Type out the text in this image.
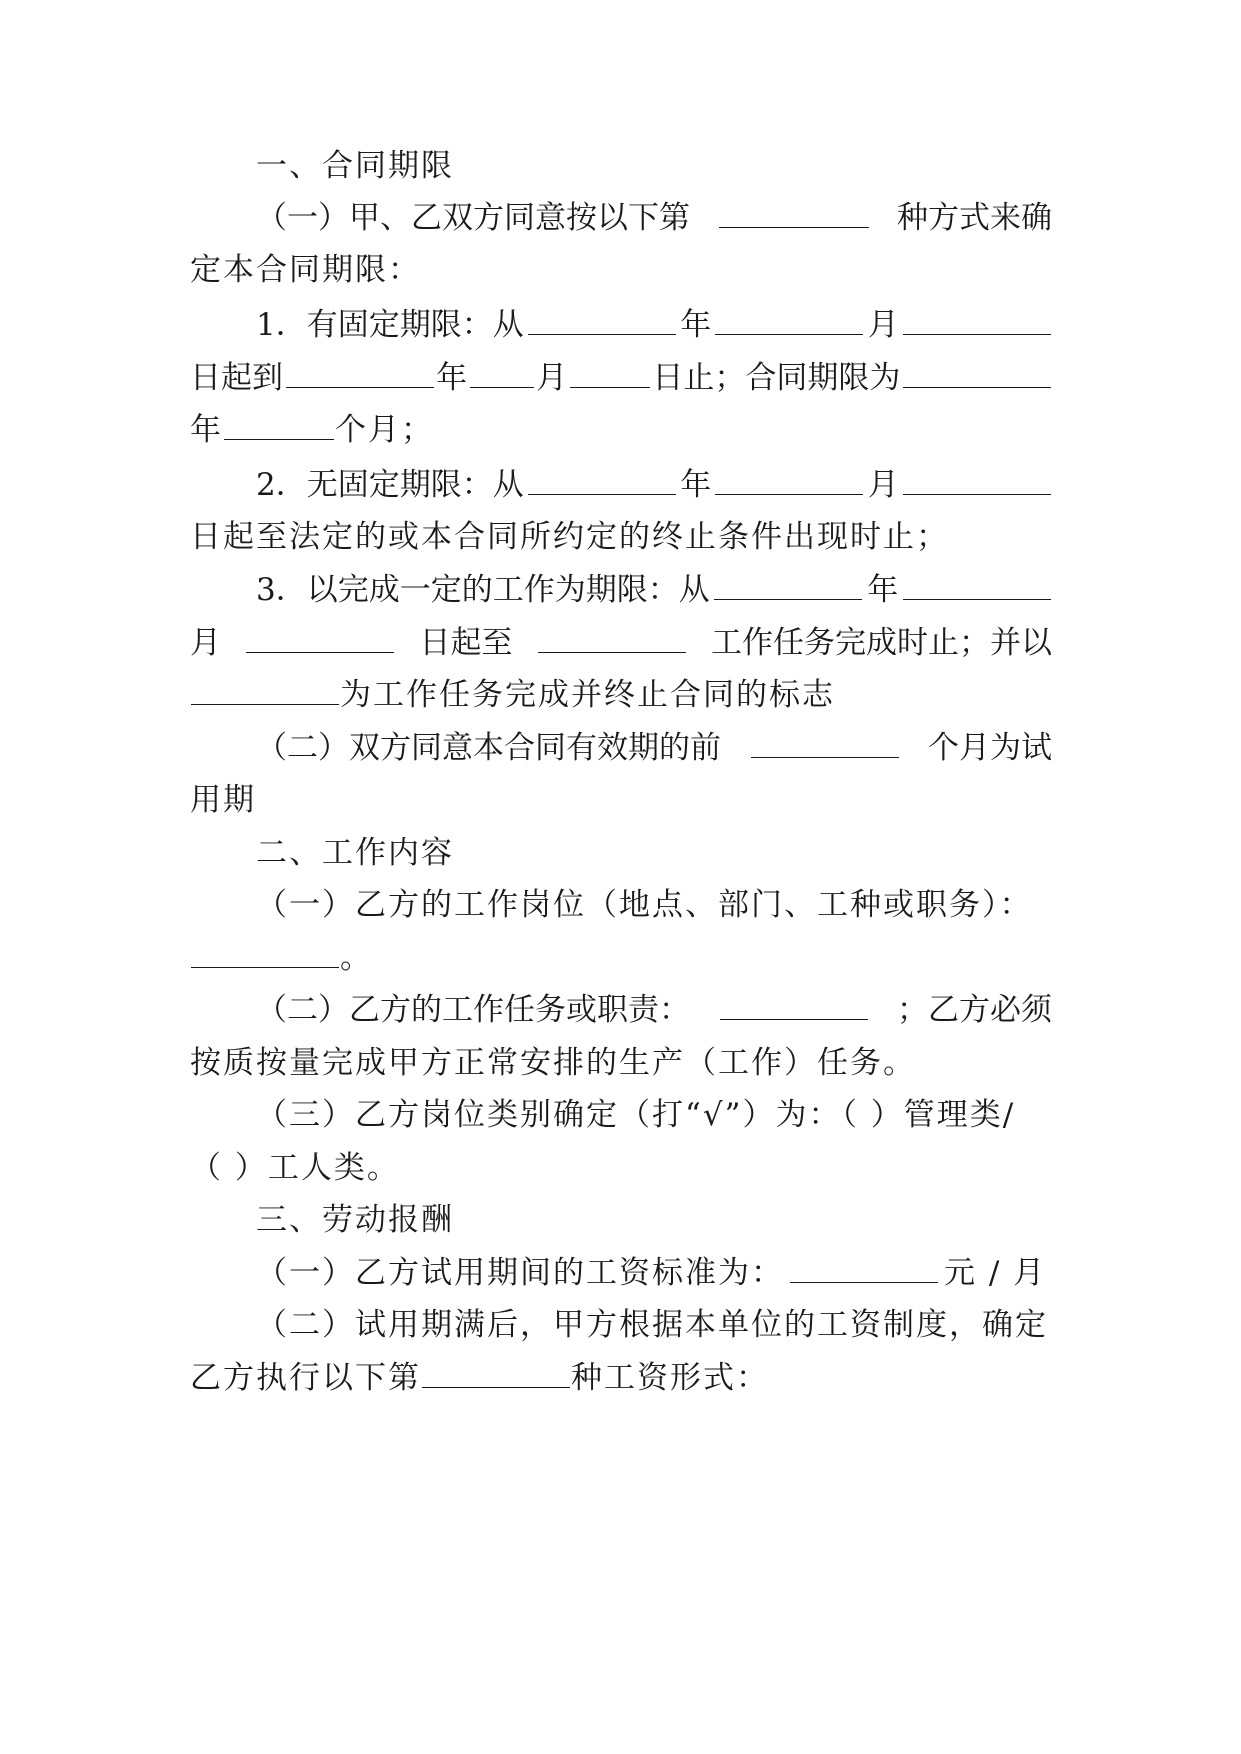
一、合同期限
（一）甲、乙双方同意按以下第	种方式来确
定本合同期限：
1．有固定期限：从	年	月
日起到	年 月	日止；合同期限为
年	个月；
2．无固定期限：从	年	月
日起至法定的或本合同所约定的终止条件出现时止；
3．以完成一定的工作为期限：从	年
月	日起至	工作任务完成时止；并以
为工作任务完成并终止合同的标志
（二）双方同意本合同有效期的前	个月为试
用期
二、工作内容
（一）乙方的工作岗位（地点、部门、工种或职务）：
。
（二）乙方的工作任务或职责：	；乙方必须
按质按量完成甲方正常安排的生产（工作）任务。
（三）乙方岗位类别确定（打“√”）为：（ ）管理类/
（ ）工人类。
三、劳动报酬
（一）乙方试用期间的工资标准为：	元 / 月
（二）试用期满后，甲方根据本单位的工资制度，确定
乙方执行以下第	种工资形式：
